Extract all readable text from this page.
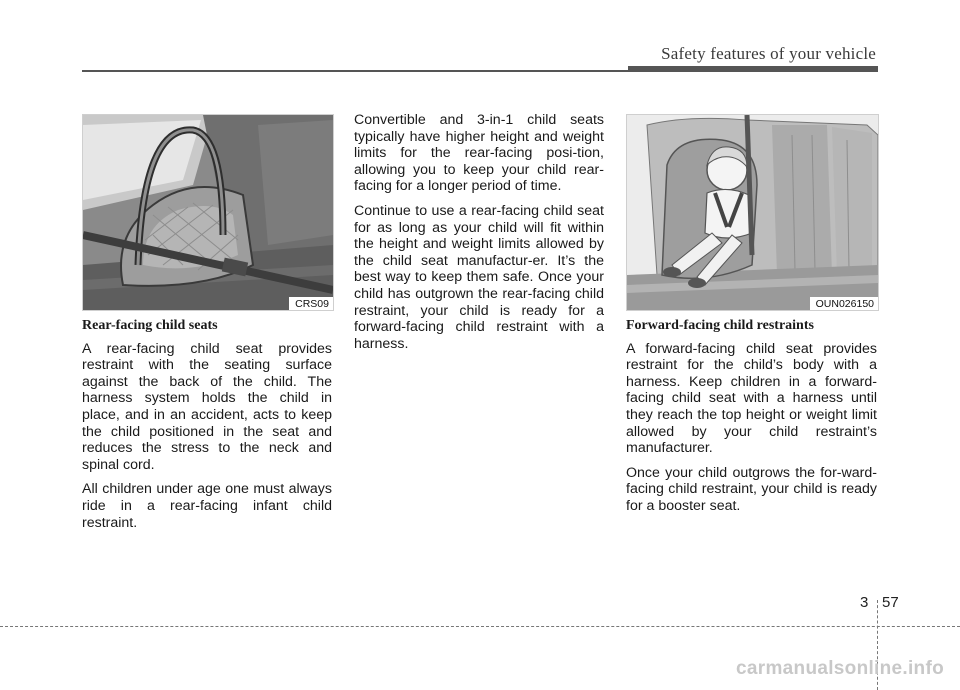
Safety features of your vehicle
CRS09	OUN026150
Rear-facing child seats

A rear-facing child seat provides restraint with the seating surface against the back of the child. The harness system holds the child in place, and in an accident, acts to keep the child positioned in the seat and reduces the stress to the neck and spinal cord.

All children under age one must always ride in a rear-facing infant child restraint.

Convertible and 3-in-1 child seats typically have higher height and weight limits for the rear-facing posi-tion, allowing you to keep your child rear-facing for a longer period of time.

Continue to use a rear-facing child seat for as long as your child will fit within the height and weight limits allowed by the child seat manufactur-er. It’s the best way to keep them safe. Once your child has outgrown the rear-facing child restraint, your child is ready for a forward-facing child restraint with a harness.

Forward-facing child restraints

A forward-facing child seat provides restraint for the child’s body with a harness. Keep children in a forward-facing child seat with a harness until they reach the top height or weight limit allowed by your child restraint’s manufacturer.

Once your child outgrows the for-ward-facing child restraint, your child is ready for a booster seat.

3 57
carmanualsonline.info
